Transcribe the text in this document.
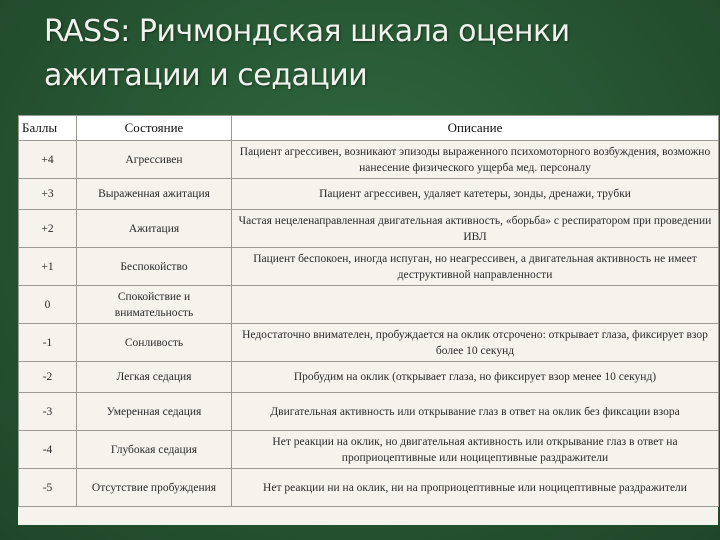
RASS: Ричмондская шкала оценки ажитации и седации
Баллы	Состояние	Описание
+4	Агрессивен	Пациент агрессивен, возникают эпизоды выраженного психомоторного возбуждения, возможно нанесение физического ущерба мед. персоналу
+3	Выраженная ажитация	Пациент агрессивен, удаляет катетеры, зонды, дренажи, трубки
+2	Ажитация	Частая нецеленаправленная двигательная активность, «борьба» с респиратором при проведении ИВЛ
+1	Беспокойство	Пациент беспокоен, иногда испуган, но неагрессивен, а двигательная активность не имеет деструктивной направленности
0	Спокойствие и внимательность	
-1	Сонливость	Недостаточно внимателен, пробуждается на оклик отсрочено: открывает глаза, фиксирует взор более 10 секунд
-2	Легкая седация	Пробудим на оклик (открывает глаза, но фиксирует взор менее 10 секунд)
-3	Умеренная седация	Двигательная активность или открывание глаз в ответ на оклик без фиксации взора
-4	Глубокая седация	Нет реакции на оклик, но двигательная активность или открывание глаз в ответ на проприоцептивные или ноцицептивные раздражители
-5	Отсутствие пробуждения	Нет реакции ни на оклик, ни на проприоцептивные или ноцицептивные раздражители
